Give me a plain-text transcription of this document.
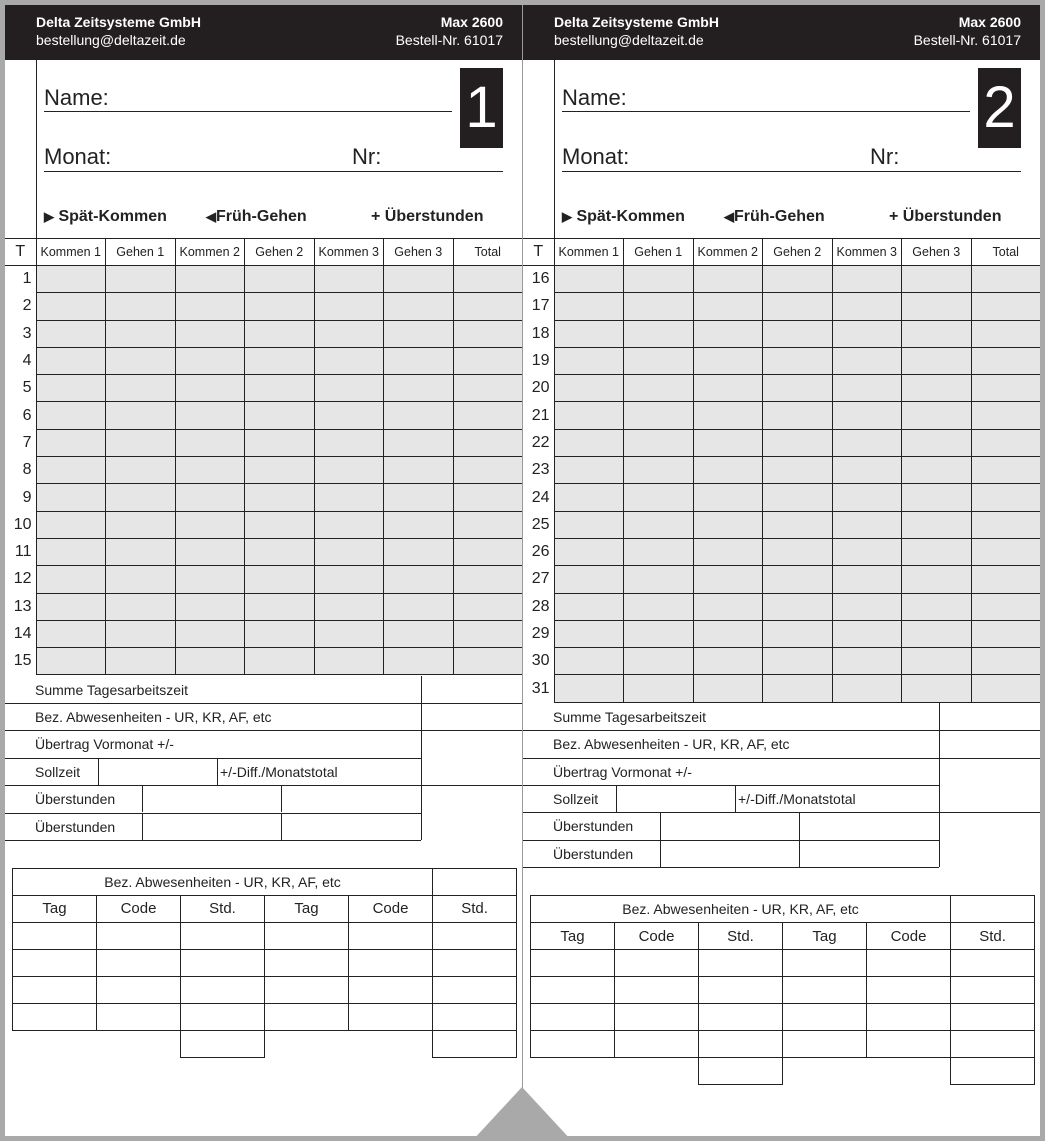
Delta Zeitsysteme GmbH
bestellung@deltazeit.de
Max 2600
Bestell-Nr. 61017
Name:
Monat:	Nr:
1
▶ Spät-Kommen	◀Früh-Gehen	+ Überstunden
T	Kommen 1	Gehen 1	Kommen 2	Gehen 2	Kommen 3	Gehen 3	Total
1							
2							
3							
4							
5							
6							
7							
8							
9							
10							
11							
12							
13							
14							
15							
Summe Tagesarbeitszeit
Bez. Abwesenheiten - UR, KR, AF, etc
Übertrag Vormonat +/-
Sollzeit	+/-Diff./Monatstotal
Überstunden
Überstunden
Bez. Abwesenheiten - UR, KR, AF, etc					
Tag	Code	Std.	Tag	Code	Std.

Delta Zeitsysteme GmbH
bestellung@deltazeit.de
Max 2600
Bestell-Nr. 61017
Name:
Monat:	Nr:
2
▶ Spät-Kommen	◀Früh-Gehen	+ Überstunden
T	Kommen 1	Gehen 1	Kommen 2	Gehen 2	Kommen 3	Gehen 3	Total
16							
17							
18							
19							
20							
21							
22							
23							
24							
25							
26							
27							
28							
29							
30							
31							
Summe Tagesarbeitszeit
Bez. Abwesenheiten - UR, KR, AF, etc
Übertrag Vormonat +/-
Sollzeit	+/-Diff./Monatstotal
Überstunden
Überstunden
Bez. Abwesenheiten - UR, KR, AF, etc					
Tag	Code	Std.	Tag	Code	Std.
